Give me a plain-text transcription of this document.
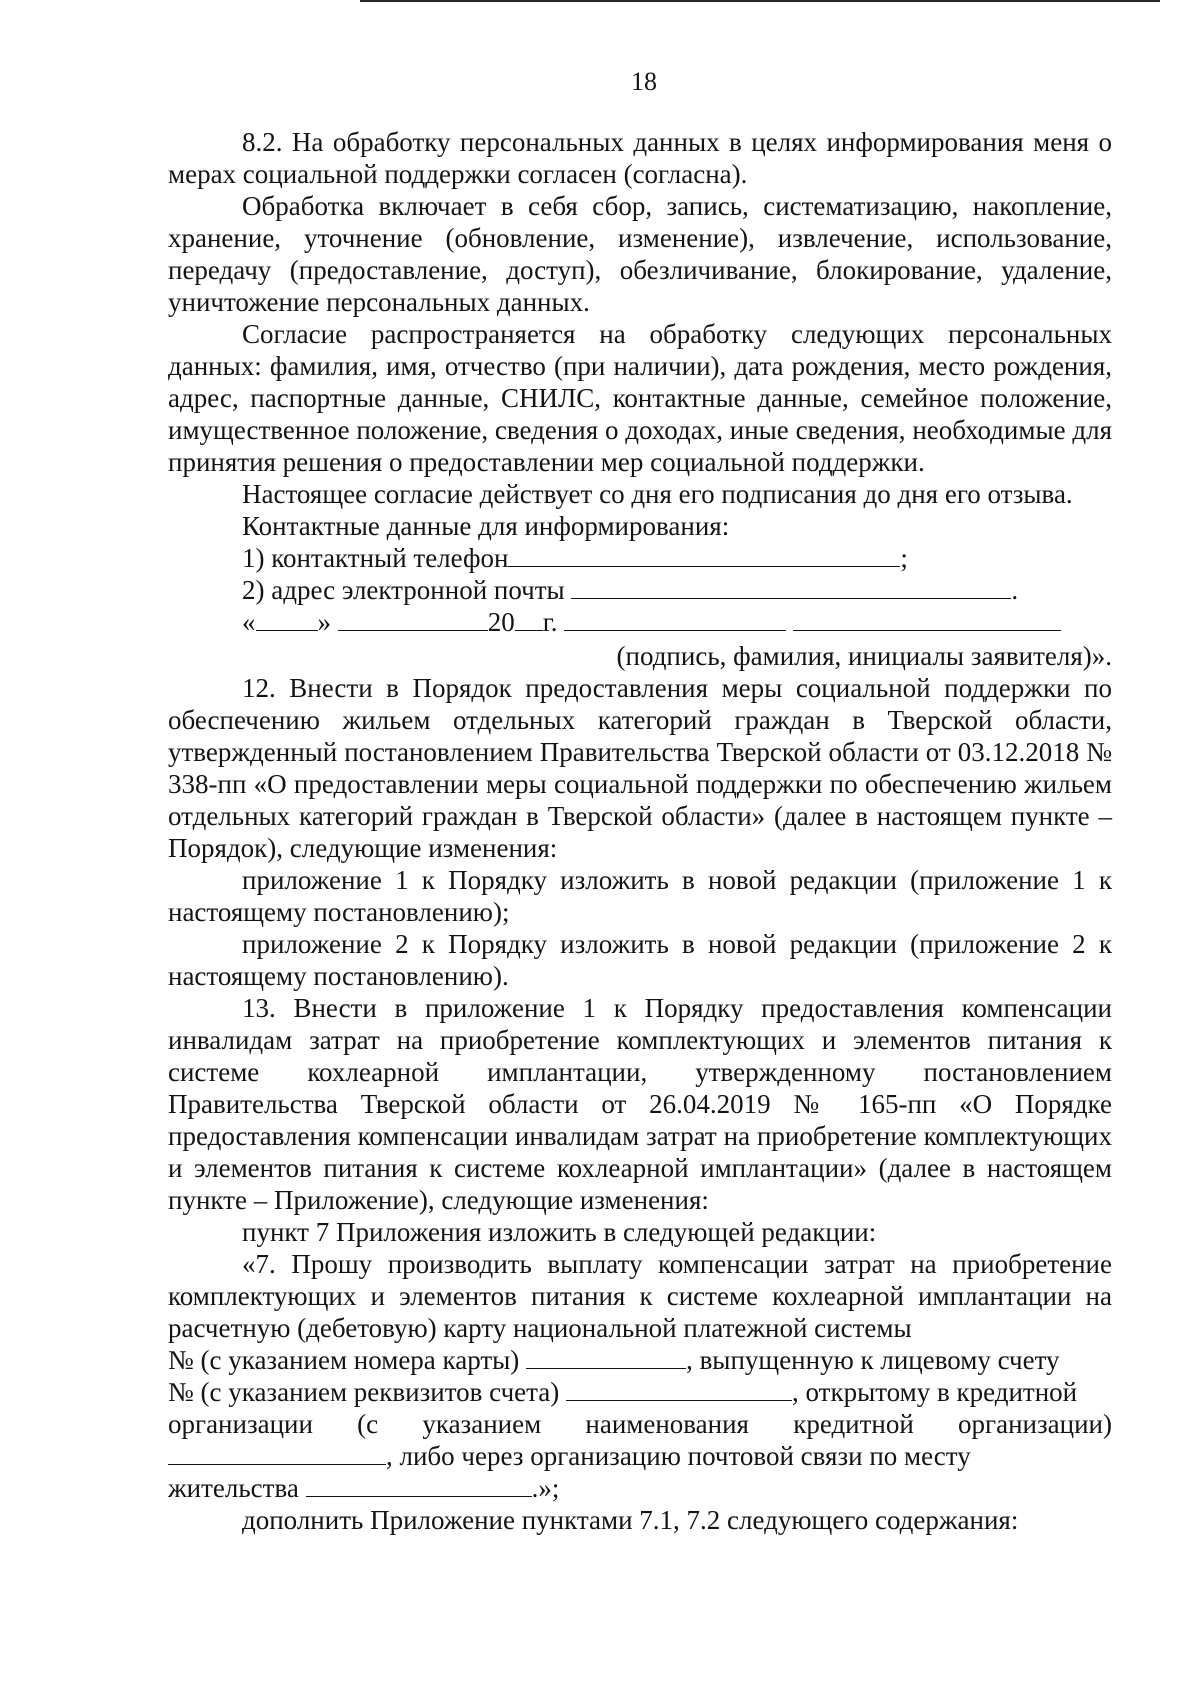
18

8.2. На обработку персональных данных в целях информирования меня о мерах социальной поддержки согласен (согласна).

Обработка включает в себя сбор, запись, систематизацию, накопление, хранение, уточнение (обновление, изменение), извлечение, использование, передачу (предоставление, доступ), обезличивание, блокирование, удаление, уничтожение персональных данных.

Согласие распространяется на обработку следующих персональных данных: фамилия, имя, отчество (при наличии), дата рождения, место рождения, адрес, паспортные данные, СНИЛС, контактные данные, семейное положение, имущественное положение, сведения о доходах, иные сведения, необходимые для принятия решения о предоставлении мер социальной поддержки.

Настоящее согласие действует со дня его подписания до дня его отзыва.

Контактные данные для информирования:

1) контактный телефон	;
2) адрес электронной почты	.
« »	20 г.

(подпись, фамилия, инициалы заявителя)».

12. Внести в Порядок предоставления меры социальной поддержки по обеспечению жильем отдельных категорий граждан в Тверской области, утвержденный постановлением Правительства Тверской области от 03.12.2018 № 338-пп «О предоставлении меры социальной поддержки по обеспечению жильем отдельных категорий граждан в Тверской области» (далее в настоящем пункте – Порядок), следующие изменения:

приложение 1 к Порядку изложить в новой редакции (приложение 1 к настоящему постановлению);

приложение 2 к Порядку изложить в новой редакции (приложение 2 к настоящему постановлению).

13. Внести в приложение 1 к Порядку предоставления компенсации инвалидам затрат на приобретение комплектующих и элементов питания к системе кохлеарной имплантации, утвержденному постановлением Правительства Тверской области от 26.04.2019 № 165-пп «О Порядке предоставления компенсации инвалидам затрат на приобретение комплектующих и элементов питания к системе кохлеарной имплантации» (далее в настоящем пункте – Приложение), следующие изменения:

пункт 7 Приложения изложить в следующей редакции:

«7. Прошу производить выплату компенсации затрат на приобретение комплектующих и элементов питания к системе кохлеарной имплантации на расчетную (дебетовую) карту национальной платежной системы

№ (с указанием номера карты)	, выпущенную к лицевому счету
№ (с указанием реквизитов счета)	, открытому в кредитной

организации (с указанием наименования кредитной организации)

, либо через организацию почтовой связи по месту
жительства	.»;

дополнить Приложение пунктами 7.1, 7.2 следующего содержания:
